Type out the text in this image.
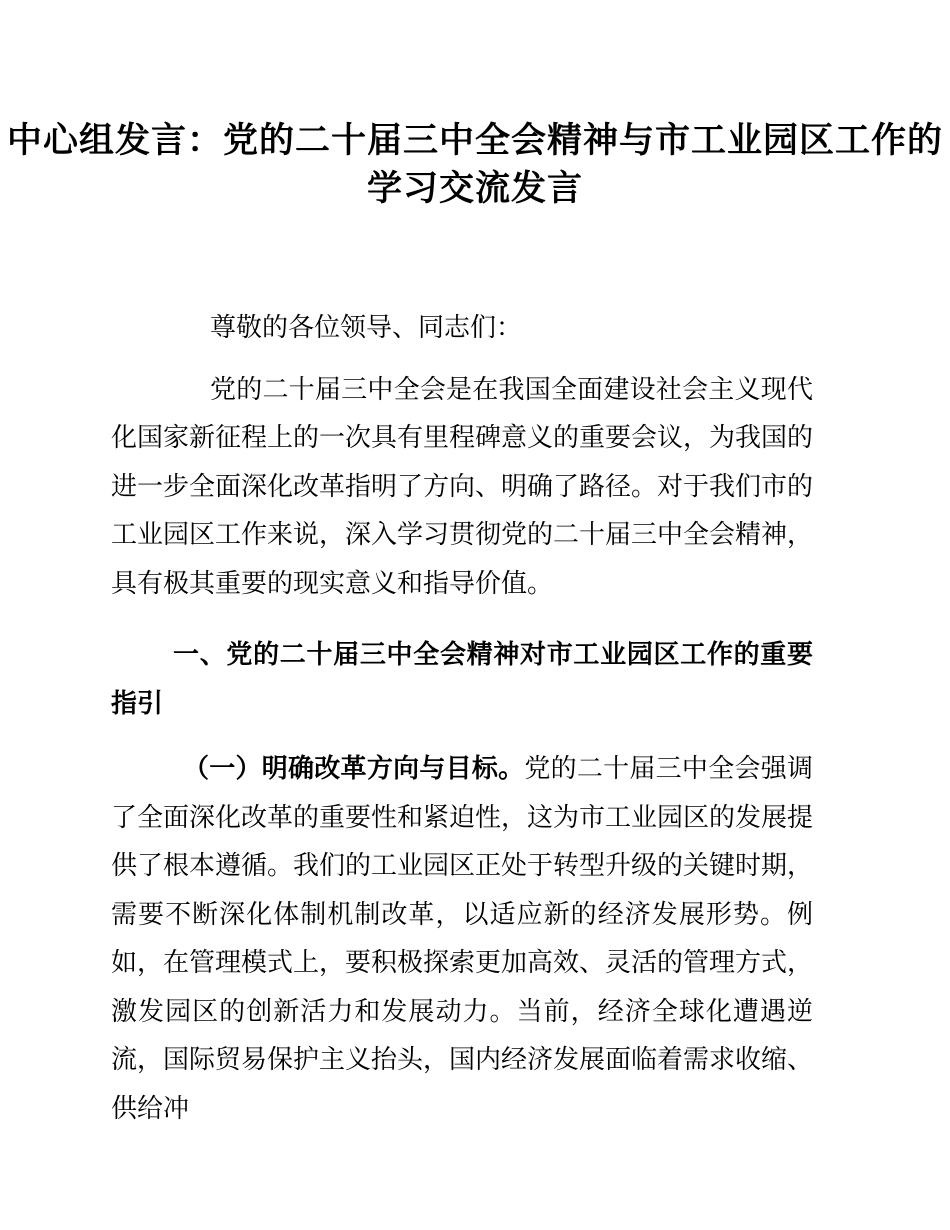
中心组发言：党的二十届三中全会精神与市工业园区工作的学习交流发言

尊敬的各位领导、同志们：

党的二十届三中全会是在我国全面建设社会主义现代化国家新征程上的一次具有里程碑意义的重要会议，为我国的进一步全面深化改革指明了方向、明确了路径。对于我们市的工业园区工作来说，深入学习贯彻党的二十届三中全会精神，具有极其重要的现实意义和指导价值。

一、党的二十届三中全会精神对市工业园区工作的重要指引

（一）明确改革方向与目标。党的二十届三中全会强调了全面深化改革的重要性和紧迫性，这为市工业园区的发展提供了根本遵循。我们的工业园区正处于转型升级的关键时期，需要不断深化体制机制改革，以适应新的经济发展形势。例如，在管理模式上，要积极探索更加高效、灵活的管理方式，激发园区的创新活力和发展动力。当前，经济全球化遭遇逆流，国际贸易保护主义抬头，国内经济发展面临着需求收缩、供给冲
